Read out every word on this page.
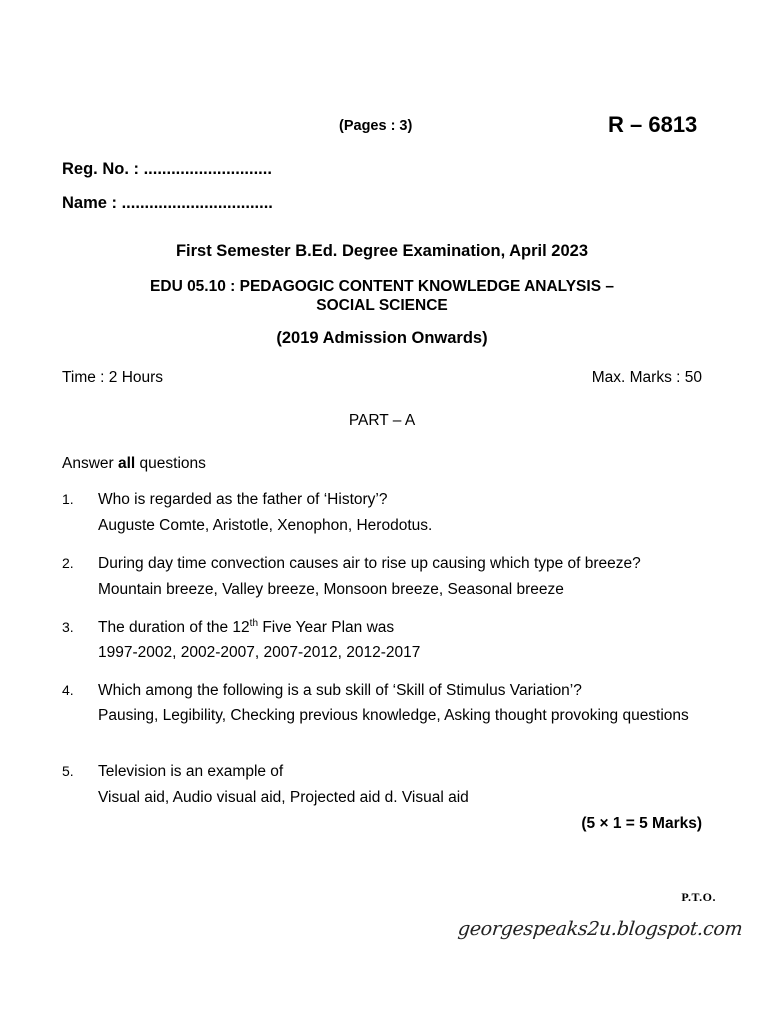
(Pages : 3)	R – 6813
Reg. No. : ............................
Name : .................................
First Semester B.Ed. Degree Examination, April 2023
EDU 05.10 : PEDAGOGIC CONTENT KNOWLEDGE ANALYSIS –
SOCIAL SCIENCE
(2019 Admission Onwards)
Time : 2 Hours	Max. Marks : 50
PART – A
Answer all questions
1. Who is regarded as the father of ‘History’?
Auguste Comte, Aristotle, Xenophon, Herodotus.
2. During day time convection causes air to rise up causing which type of breeze?
Mountain breeze, Valley breeze, Monsoon breeze, Seasonal breeze
3. The duration of the 12th Five Year Plan was
1997-2002, 2002-2007, 2007-2012, 2012-2017
4. Which among the following is a sub skill of ‘Skill of Stimulus Variation’?
Pausing, Legibility, Checking previous knowledge, Asking thought provoking questions
5. Television is an example of
Visual aid, Audio visual aid, Projected aid d. Visual aid
(5 × 1 = 5 Marks)
P.T.O.
georgespeaks2u.blogspot.com
